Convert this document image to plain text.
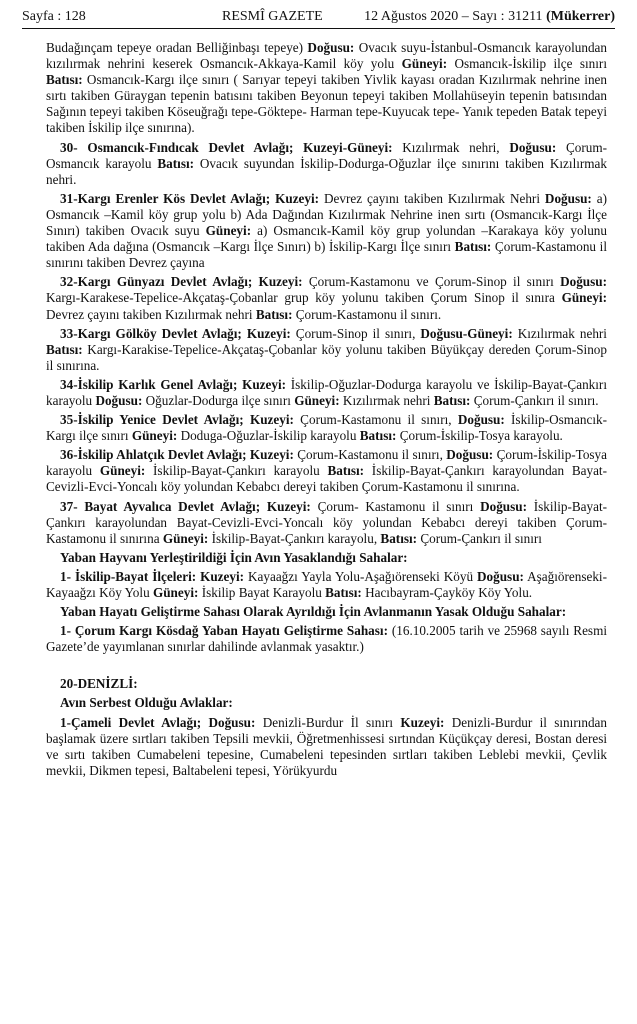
Sayfa : 128	RESMÎ GAZETE	12 Ağustos 2020 – Sayı : 31211 (Mükerrer)

Budağınçam tepeye oradan Belliğinbaşı tepeye) Doğusu: Ovacık suyu-İstanbul-Osmancık karayolundan kızılırmak nehrini keserek Osmancık-Akkaya-Kamil köy yolu Güneyi: Osmancık-İskilip ilçe sınırı Batısı: Osmancık-Kargı ilçe sınırı ( Sarıyar tepeyi takiben Yivlik kayası oradan Kızılırmak nehrine inen sırtı takiben Güraygan tepenin batısını takiben Beyonun tepeyi takiben Mollahüseyin tepenin batısından Sağının tepeyi takiben Köseuğrağı tepe-Göktepe- Harman tepe-Kuyucak tepe- Yanık tepeden Batak tepeyi takiben İskilip ilçe sınırına).

30- Osmancık-Fındıcak Devlet Avlağı; Kuzeyi-Güneyi: Kızılırmak nehri, Doğusu: Çorum-Osmancık karayolu Batısı: Ovacık suyundan İskilip-Dodurga-Oğuzlar ilçe sınırını takiben Kızılırmak nehri.

31-Kargı Erenler Kös Devlet Avlağı; Kuzeyi: Devrez çayını takiben Kızılırmak Nehri Doğusu: a) Osmancık –Kamil köy grup yolu b) Ada Dağından Kızılırmak Nehrine inen sırtı (Osmancık-Kargı İlçe Sınırı) takiben Ovacık suyu Güneyi: a) Osmancık-Kamil köy grup yolundan –Karakaya köy yolunu takiben Ada dağına (Osmancık –Kargı İlçe Sınırı) b) İskilip-Kargı İlçe sınırı Batısı: Çorum-Kastamonu il sınırını takiben Devrez çayına

32-Kargı Günyazı Devlet Avlağı; Kuzeyi: Çorum-Kastamonu ve Çorum-Sinop il sınırı Doğusu: Kargı-Karakese-Tepelice-Akçataş-Çobanlar grup köy yolunu takiben Çorum Sinop il sınıra Güneyi: Devrez çayını takiben Kızılırmak nehri Batısı: Çorum-Kastamonu il sınırı.

33-Kargı Gölköy Devlet Avlağı; Kuzeyi: Çorum-Sinop il sınırı, Doğusu-Güneyi: Kızılırmak nehri Batısı: Kargı-Karakise-Tepelice-Akçataş-Çobanlar köy yolunu takiben Büyükçay dereden Çorum-Sinop il sınırına.

34-İskilip Karlık Genel Avlağı; Kuzeyi: İskilip-Oğuzlar-Dodurga karayolu ve İskilip-Bayat-Çankırı karayolu Doğusu: Oğuzlar-Dodurga ilçe sınırı Güneyi: Kızılırmak nehri Batısı: Çorum-Çankırı il sınırı.

35-İskilip Yenice Devlet Avlağı; Kuzeyi: Çorum-Kastamonu il sınırı, Doğusu: İskilip-Osmancık-Kargı ilçe sınırı Güneyi: Doduga-Oğuzlar-İskilip karayolu Batısı: Çorum-İskilip-Tosya karayolu.

36-İskilip Ahlatçık Devlet Avlağı; Kuzeyi: Çorum-Kastamonu il sınırı, Doğusu: Çorum-İskilip-Tosya karayolu Güneyi: İskilip-Bayat-Çankırı karayolu Batısı: İskilip-Bayat-Çankırı karayolundan Bayat-Cevizli-Evci-Yoncalı köy yolundan Kebabcı dereyi takiben Çorum-Kastamonu il sınırına.

37- Bayat Ayvalıca Devlet Avlağı; Kuzeyi: Çorum- Kastamonu il sınırı Doğusu: İskilip-Bayat-Çankırı karayolundan Bayat-Cevizli-Evci-Yoncalı köy yolundan Kebabcı dereyi takiben Çorum-Kastamonu il sınırına Güneyi: İskilip-Bayat-Çankırı karayolu, Batısı: Çorum-Çankırı il sınırı

Yaban Hayvanı Yerleştirildiği İçin Avın Yasaklandığı Sahalar:

1- İskilip-Bayat İlçeleri: Kuzeyi: Kayaağzı Yayla Yolu-Aşağıörenseki Köyü Doğusu: Aşağıörenseki-Kayaağzı Köy Yolu Güneyi: İskilip Bayat Karayolu Batısı: Hacıbayram-Çayköy Köy Yolu.

Yaban Hayatı Geliştirme Sahası Olarak Ayrıldığı İçin Avlanmanın Yasak Olduğu Sahalar:

1- Çorum Kargı Kösdağ Yaban Hayatı Geliştirme Sahası: (16.10.2005 tarih ve 25968 sayılı Resmi Gazete’de yayımlanan sınırlar dahilinde avlanmak yasaktır.)

20-DENİZLİ:

Avın Serbest Olduğu Avlaklar:

1-Çameli Devlet Avlağı; Doğusu: Denizli-Burdur İl sınırı Kuzeyi: Denizli-Burdur il sınırından başlamak üzere sırtları takiben Tepsili mevkii, Öğretmenhissesi sırtından Küçükçay deresi, Bostan deresi ve sırtı takiben Cumabeleni tepesine, Cumabeleni tepesinden sırtları takiben Leblebi mevkii, Çevlik mevkii, Dikmen tepesi, Baltabeleni tepesi, Yörükyurdu
